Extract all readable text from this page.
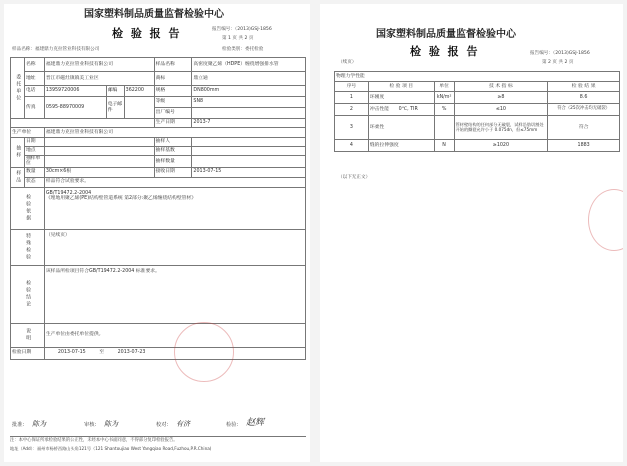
国家塑料制品质量监督检验中心
检 验 报 告	报告编号：（2013)GSJ-1856
第 1 页 共 2 页
样品名称：福建鼎力克拉管业科技有限公司	检验类别：委托检验
委托单位	名称	福建鼎力克拉管业科技有限公司			样品名称	高密度聚乙烯（HDPE）缠绕增强排水管
	地址	晋江市磁灶镇镇美工业区			商标	鼎立通
	电话	13959720006	邮编	362200	规格	DN800mm
	传真	0595-88970009	电子邮件		等级	SN8
					出厂编号	
					生产日期	2013-7
生产单位		福建鼎力克拉管业科技有限公司				
抽样	日期				抽样人	
	地点				抽样基数	
	抽样单位				抽样数量	
样品	数量	30cm×6根			接收日期	2013-07-15
	状态	样品符合试验要求。				
检验依据		GB/T19472.2-2004
《埋地用聚乙烯(PE)结构壁管道系统 第2部分:聚乙烯缠绕结构壁管材》				

特殊检验		（见续页）				
检验结论		该样品所检项目符合GB/T19472.2-2004 标准要求。				
说明		生产单位由委托单位提供。				
检验日期		2013-07-15 至 2013-07-23				
批准： 陈为	审核： 陈为	校对： 有济	检验： 赵辉
注：本中心保证所承检验结果的公正性，未经本中心书面同意，不得部分复印检验报告。
地址（Add）：福州市杨桥西路山头角121号（121 Shantoujiao West Yangqiao Road,Fuzhou,P.R.China)
国家塑料制品质量监督检验中心
检 验 报 告	报告编号：（2013)GSJ-1856
第 2 页 共 2 页
（续页）
物理力学性能				
序号	检 验 项 目	单位	技 术 指 标	检 验 结 果
1	环刚度	kN/m²	≥8	8.6
2	冲击性能　　0℃, TIR	%	≤10	符合（25次冲击均无破裂）
3	环柔性		管材壁结构的任何部分无破裂，试样沿肋切割处开始的撕裂允许小于 0.075dn，但≤75mm	符合
4	缝的拉伸强度	N	≥1020	1883
（以下无正文）
